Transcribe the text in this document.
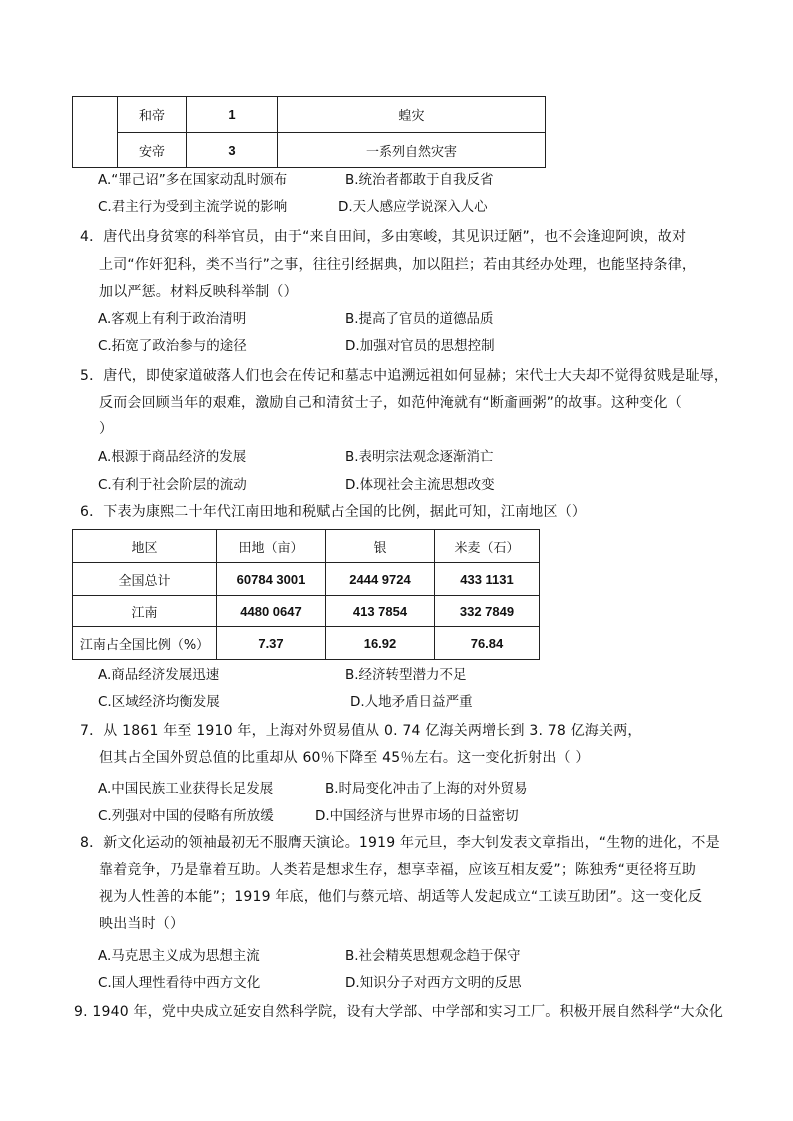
	和帝	1	蝗灾
	安帝	3	一系列自然灾害
A.“罪己诏”多在国家动乱时颁布	B.统治者都敢于自我反省
C.君主行为受到主流学说的影响	D.天人感应学说深入人心
4．唐代出身贫寒的科举官员，由于“来自田间，多由寒峻，其见识迂陋”，也不会逢迎阿谀，故对
上司“作奸犯科，类不当行”之事，往往引经据典，加以阻拦；若由其经办处理，也能坚持条律，
加以严惩。材料反映科举制（）
A.客观上有利于政治清明	B.提高了官员的道德品质
C.拓宽了政治参与的途径	D.加强对官员的思想控制
5．唐代，即使家道破落人们也会在传记和墓志中追溯远祖如何显赫；宋代士大夫却不觉得贫贱是耻辱，
反而会回顾当年的艰难，激励自己和清贫士子，如范仲淹就有“断齑画粥”的故事。这种变化（
）
A.根源于商品经济的发展	B.表明宗法观念逐渐消亡
C.有利于社会阶层的流动	D.体现社会主流思想改变
6．下表为康熙二十年代江南田地和税赋占全国的比例，据此可知，江南地区（）
地区	田地（亩）	银	米麦（石）
全国总计	60784 3001	2444 9724	433 1131
江南	4480 0647	413 7854	332 7849
江南占全国比例（%）	7.37	16.92	76.84
A.商品经济发展迅速	B.经济转型潜力不足
C.区域经济均衡发展	D.人地矛盾日益严重
7．从 1861 年至 1910 年，上海对外贸易值从 0. 74 亿海关两增长到 3. 78 亿海关两，
但其占全国外贸总值的比重却从 60％下降至 45％左右。这一变化折射出（ ）
A.中国民族工业获得长足发展	B.时局变化冲击了上海的对外贸易
C.列强对中国的侵略有所放缓	D.中国经济与世界市场的日益密切
8．新文化运动的领袖最初无不服膺天演论。1919 年元旦，李大钊发表文章指出，“生物的进化，不是
靠着竞争，乃是靠着互助。人类若是想求生存，想享幸福，应该互相友爱”；陈独秀“更径将互助
视为人性善的本能”；1919 年底，他们与蔡元培、胡适等人发起成立“工读互助团”。这一变化反
映出当时（）
A.马克思主义成为思想主流	B.社会精英思想观念趋于保守
C.国人理性看待中西方文化	D.知识分子对西方文明的反思
9. 1940 年，党中央成立延安自然科学院，设有大学部、中学部和实习工厂。积极开展自然科学“大众化
